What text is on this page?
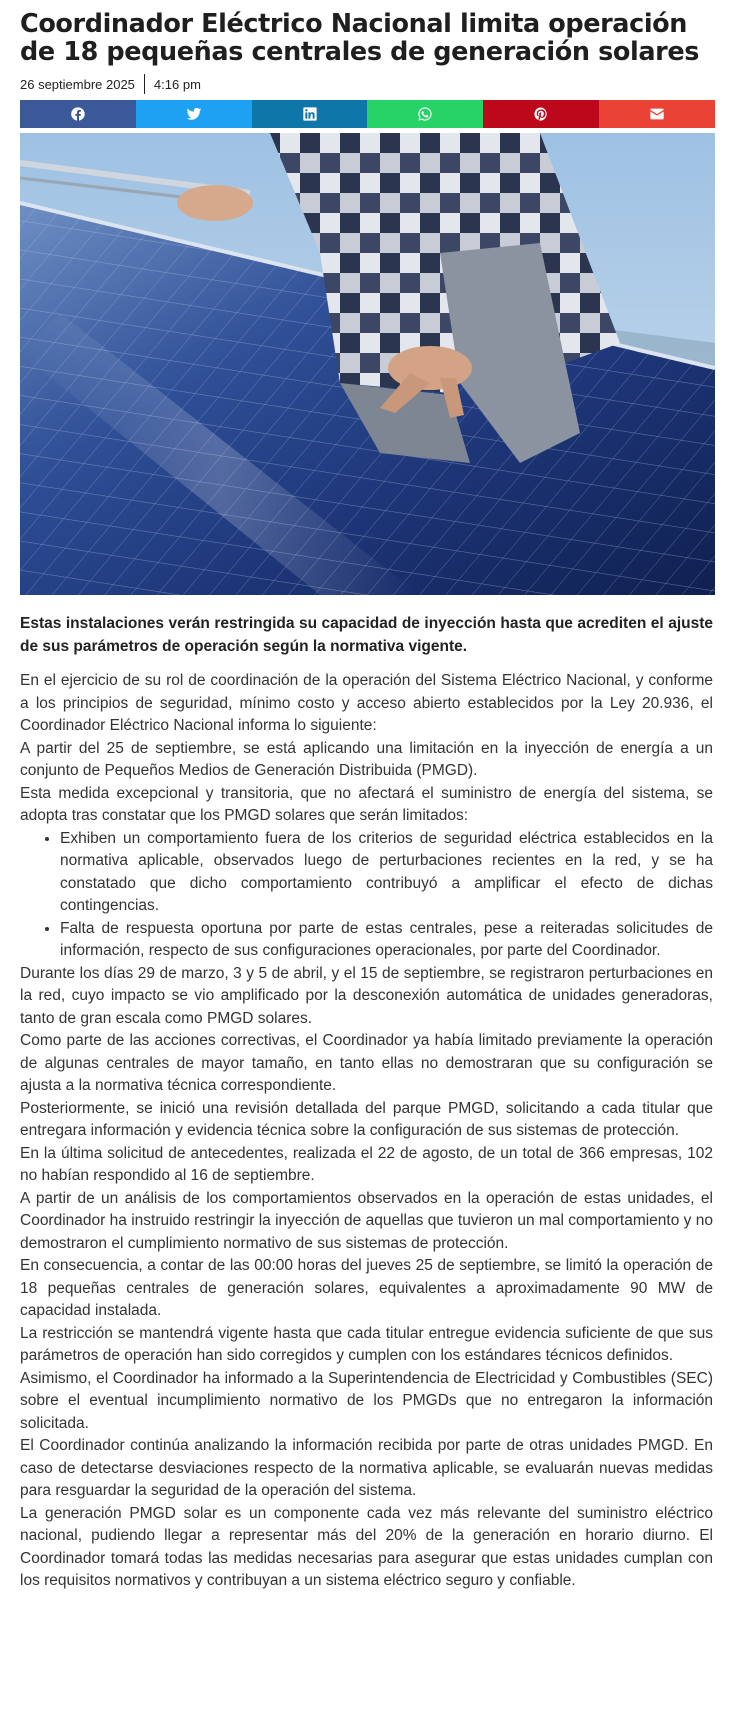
Coordinador Eléctrico Nacional limita operación de 18 pequeñas centrales de generación solares
26 septiembre 2025 4:16 pm

Estas instalaciones verán restringida su capacidad de inyección hasta que acrediten el ajuste de sus parámetros de operación según la normativa vigente.

En el ejercicio de su rol de coordinación de la operación del Sistema Eléctrico Nacional, y conforme a los principios de seguridad, mínimo costo y acceso abierto establecidos por la Ley 20.936, el Coordinador Eléctrico Nacional informa lo siguiente:

A partir del 25 de septiembre, se está aplicando una limitación en la inyección de energía a un conjunto de Pequeños Medios de Generación Distribuida (PMGD).

Esta medida excepcional y transitoria, que no afectará el suministro de energía del sistema, se adopta tras constatar que los PMGD solares que serán limitados:

• Exhiben un comportamiento fuera de los criterios de seguridad eléctrica establecidos en la normativa aplicable, observados luego de perturbaciones recientes en la red, y se ha constatado que dicho comportamiento contribuyó a amplificar el efecto de dichas contingencias.
• Falta de respuesta oportuna por parte de estas centrales, pese a reiteradas solicitudes de información, respecto de sus configuraciones operacionales, por parte del Coordinador.

Durante los días 29 de marzo, 3 y 5 de abril, y el 15 de septiembre, se registraron perturbaciones en la red, cuyo impacto se vio amplificado por la desconexión automática de unidades generadoras, tanto de gran escala como PMGD solares.

Como parte de las acciones correctivas, el Coordinador ya había limitado previamente la operación de algunas centrales de mayor tamaño, en tanto ellas no demostraran que su configuración se ajusta a la normativa técnica correspondiente.

Posteriormente, se inició una revisión detallada del parque PMGD, solicitando a cada titular que entregara información y evidencia técnica sobre la configuración de sus sistemas de protección.

En la última solicitud de antecedentes, realizada el 22 de agosto, de un total de 366 empresas, 102 no habían respondido al 16 de septiembre.

A partir de un análisis de los comportamientos observados en la operación de estas unidades, el Coordinador ha instruido restringir la inyección de aquellas que tuvieron un mal comportamiento y no demostraron el cumplimiento normativo de sus sistemas de protección.

En consecuencia, a contar de las 00:00 horas del jueves 25 de septiembre, se limitó la operación de 18 pequeñas centrales de generación solares, equivalentes a aproximadamente 90 MW de capacidad instalada.

La restricción se mantendrá vigente hasta que cada titular entregue evidencia suficiente de que sus parámetros de operación han sido corregidos y cumplen con los estándares técnicos definidos.

Asimismo, el Coordinador ha informado a la Superintendencia de Electricidad y Combustibles (SEC) sobre el eventual incumplimiento normativo de los PMGDs que no entregaron la información solicitada.

El Coordinador continúa analizando la información recibida por parte de otras unidades PMGD. En caso de detectarse desviaciones respecto de la normativa aplicable, se evaluarán nuevas medidas para resguardar la seguridad de la operación del sistema.

La generación PMGD solar es un componente cada vez más relevante del suministro eléctrico nacional, pudiendo llegar a representar más del 20% de la generación en horario diurno. El Coordinador tomará todas las medidas necesarias para asegurar que estas unidades cumplan con los requisitos normativos y contribuyan a un sistema eléctrico seguro y confiable.
